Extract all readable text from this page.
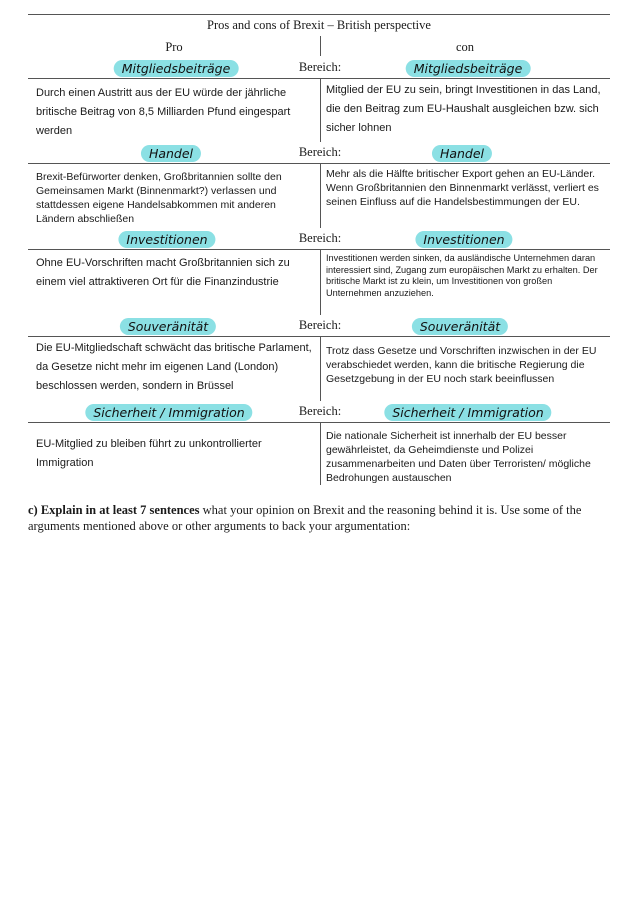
Pros and cons of Brexit – British perspective
Pro	con
Mitgliedsbeiträge	Bereich:	Mitgliedsbeiträge
Durch einen Austritt aus der EU würde der jährliche britische Beitrag von 8,5 Milliarden Pfund eingespart werden
Mitglied der EU zu sein, bringt Investitionen in das Land, die den Beitrag zum EU-Haushalt ausgleichen bzw. sich sicher lohnen
Handel	Bereich:	Handel
Brexit-Befürworter denken, Großbritannien sollte den Gemeinsamen Markt (Binnenmarkt?) verlassen und stattdessen eigene Handelsabkommen mit anderen Ländern abschließen
Mehr als die Hälfte britischer Export gehen an EU-Länder. Wenn Großbritannien den Binnenmarkt verlässt, verliert es seinen Einfluss auf die Handelsbestimmungen der EU.
Investitionen	Bereich:	Investitionen
Ohne EU-Vorschriften macht Großbritannien sich zu einem viel attraktiveren Ort für die Finanzindustrie
Investitionen werden sinken, da ausländische Unternehmen daran interessiert sind, Zugang zum europäischen Markt zu erhalten. Der britische Markt ist zu klein, um Investitionen von großen Unternehmen anzuziehen.
Souveränität	Bereich:	Souveränität
Die EU-Mitgliedschaft schwächt das britische Parlament, da Gesetze nicht mehr im eigenen Land (London) beschlossen werden, sondern in Brüssel
Trotz dass Gesetze und Vorschriften inzwischen in der EU verabschiedet werden, kann die britische Regierung die Gesetzgebung in der EU noch stark beeinflussen
Sicherheit / Immigration	Bereich:	Sicherheit / Immigration
EU-Mitglied zu bleiben führt zu unkontrollierter Immigration
Die nationale Sicherheit ist innerhalb der EU besser gewährleistet, da Geheimdienste und Polizei zusammenarbeiten und Daten über Terroristen/ mögliche Bedrohungen austauschen
c) Explain in at least 7 sentences what your opinion on Brexit and the reasoning behind it is. Use some of the arguments mentioned above or other arguments to back your argumentation:
